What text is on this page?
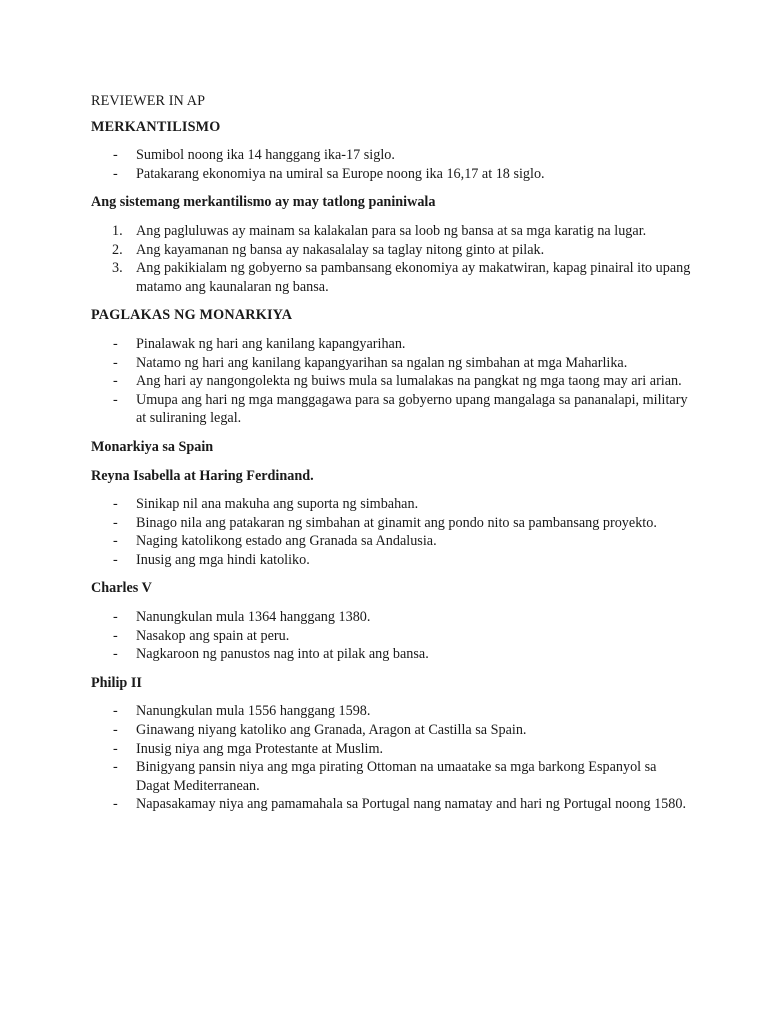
REVIEWER IN AP
MERKANTILISMO
- Sumibol noong ika 14 hanggang ika-17 siglo.
- Patakarang ekonomiya na umiral sa Europe noong ika 16,17 at 18 siglo.
Ang sistemang merkantilismo ay may tatlong paniniwala
1. Ang pagluluwas ay mainam sa kalakalan para sa loob ng bansa at sa mga karatig na lugar.
2. Ang kayamanan ng bansa ay nakasalalay sa taglay nitong ginto at pilak.
3. Ang pakikialam ng gobyerno sa pambansang ekonomiya ay makatwiran, kapag pinairal ito upang matamo ang kaunalaran ng bansa.
PAGLAKAS NG MONARKIYA
- Pinalawak ng hari ang kanilang kapangyarihan.
- Natamo ng hari ang kanilang kapangyarihan sa ngalan ng simbahan at mga Maharlika.
- Ang hari ay nangongolekta ng buiws mula sa lumalakas na pangkat ng mga taong may ari arian.
- Umupa ang hari ng mga manggagawa para sa gobyerno upang mangalaga sa pananalapi, military at suliraning legal.
Monarkiya sa Spain
Reyna Isabella at Haring Ferdinand.
- Sinikap nil ana makuha ang suporta ng simbahan.
- Binago nila ang patakaran ng simbahan at ginamit ang pondo nito sa pambansang proyekto.
- Naging katolikong estado ang Granada sa Andalusia.
- Inusig ang mga hindi katoliko.
Charles V
- Nanungkulan mula 1364 hanggang 1380.
- Nasakop ang spain at peru.
- Nagkaroon ng panustos nag into at pilak ang bansa.
Philip II
- Nanungkulan mula 1556 hanggang 1598.
- Ginawang niyang katoliko ang Granada, Aragon at Castilla sa Spain.
- Inusig niya ang mga Protestante at Muslim.
- Binigyang pansin niya ang mga pirating Ottoman na umaatake sa mga barkong Espanyol sa Dagat Mediterranean.
- Napasakamay niya ang pamamahala sa Portugal nang namatay and hari ng Portugal noong 1580.
